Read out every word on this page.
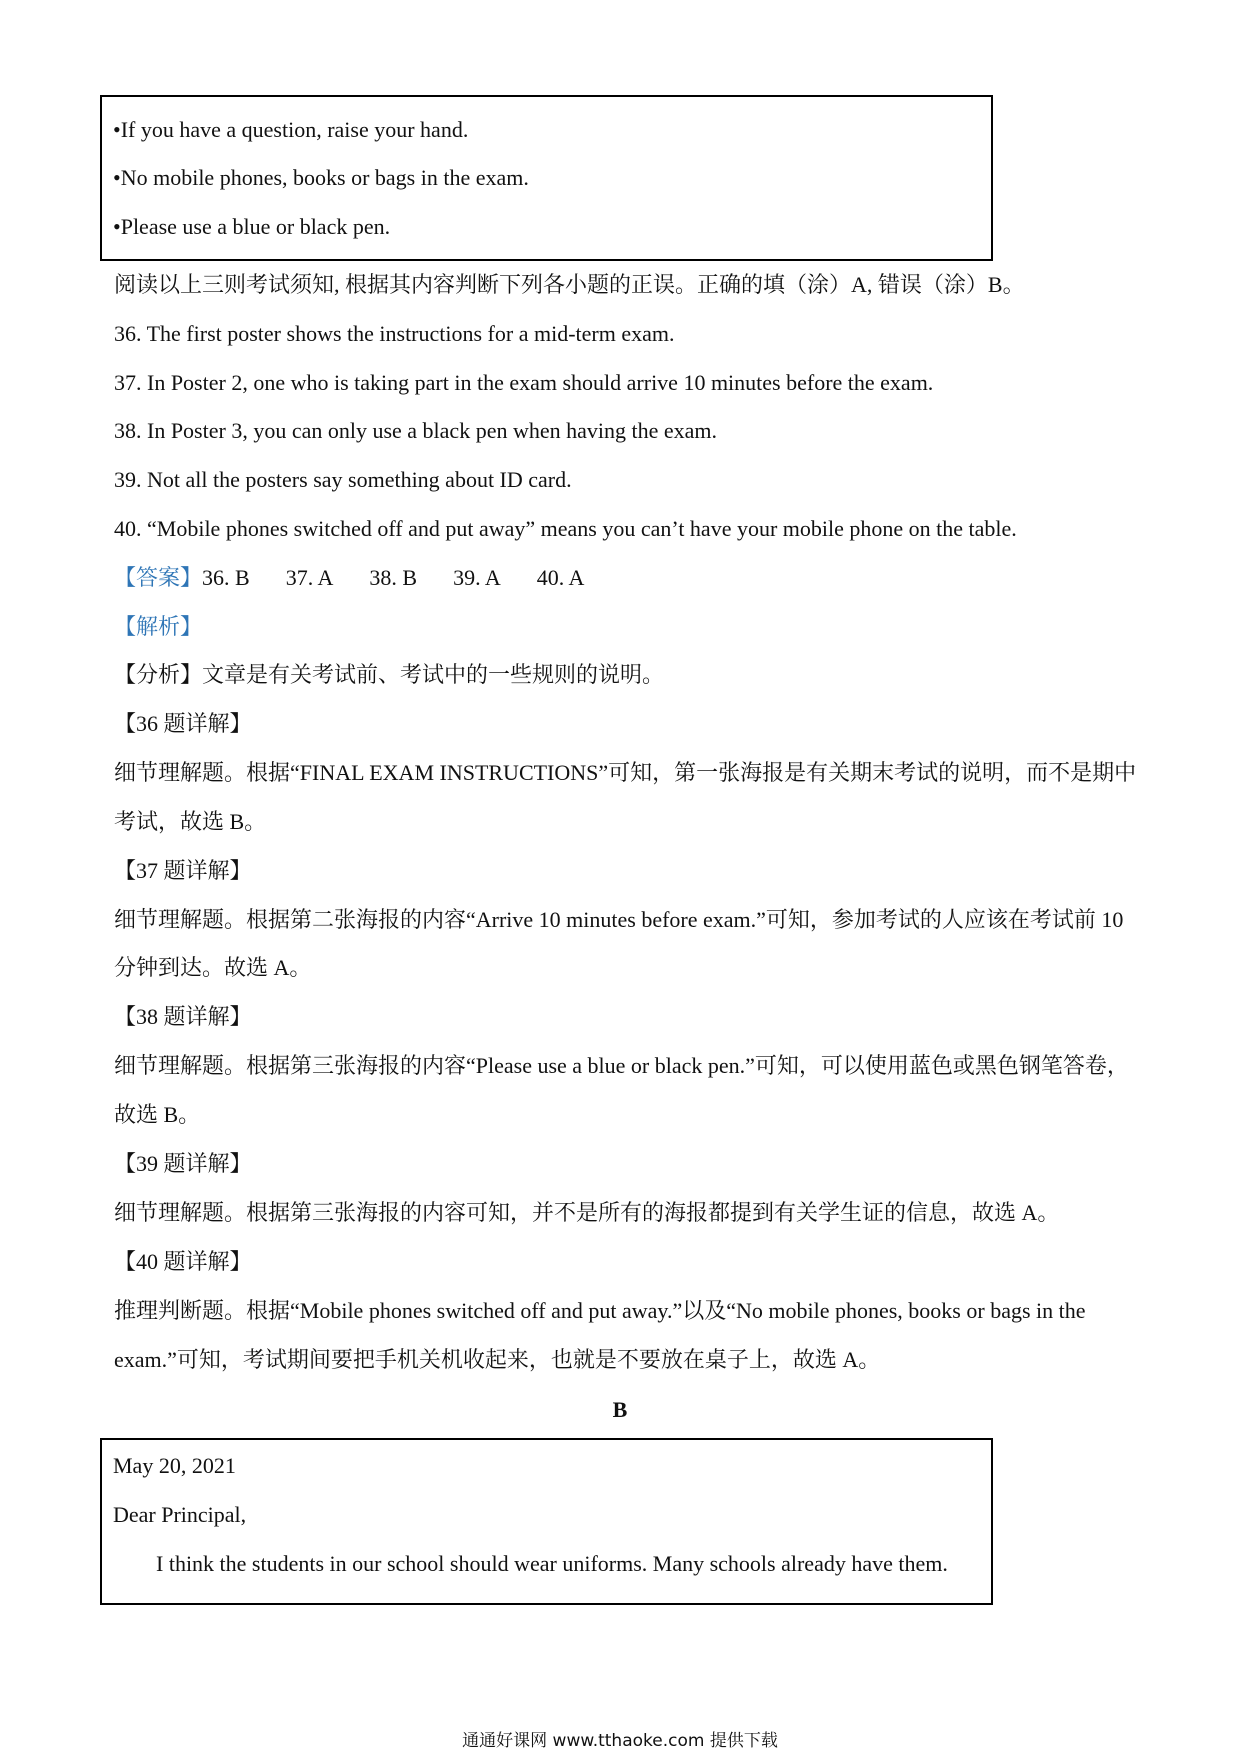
•If you have a question, raise your hand.
•No mobile phones, books or bags in the exam.
•Please use a blue or black pen.
阅读以上三则考试须知, 根据其内容判断下列各小题的正误。正确的填（涂）A, 错误（涂）B。
36. The first poster shows the instructions for a mid-term exam.
37. In Poster 2, one who is taking part in the exam should arrive 10 minutes before the exam.
38. In Poster 3, you can only use a black pen when having the exam.
39. Not all the posters say something about ID card.
40. “Mobile phones switched off and put away” means you can’t have your mobile phone on the table.
【答案】36. B 37. A 38. B 39. A 40. A
【解析】
【分析】文章是有关考试前、考试中的一些规则的说明。
【36 题详解】
细节理解题。根据“FINAL EXAM INSTRUCTIONS”可知，第一张海报是有关期末考试的说明，而不是期中
考试，故选 B。
【37 题详解】
细节理解题。根据第二张海报的内容“Arrive 10 minutes before exam.”可知，参加考试的人应该在考试前 10
分钟到达。故选 A。
【38 题详解】
细节理解题。根据第三张海报的内容“Please use a blue or black pen.”可知，可以使用蓝色或黑色钢笔答卷，
故选 B。
【39 题详解】
细节理解题。根据第三张海报的内容可知，并不是所有的海报都提到有关学生证的信息，故选 A。
【40 题详解】
推理判断题。根据“Mobile phones switched off and put away.”以及“No mobile phones, books or bags in the
exam.”可知，考试期间要把手机关机收起来，也就是不要放在桌子上，故选 A。
B
May 20, 2021
Dear Principal,
I think the students in our school should wear uniforms. Many schools already have them.
通通好课网 www.tthaoke.com 提供下载
